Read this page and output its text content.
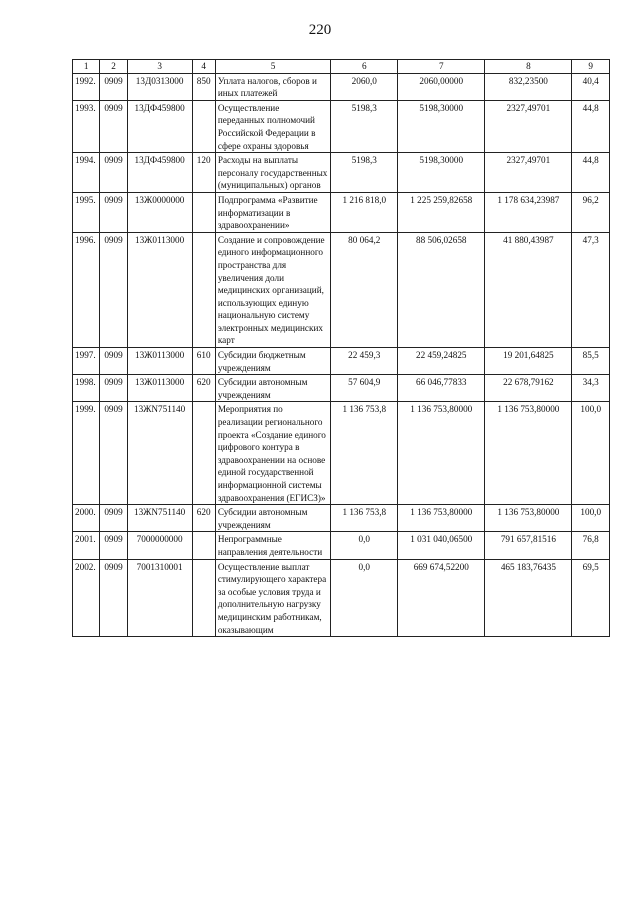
220
1	2	3	4	5	6	7	8	9
1992.	0909	13Д0313000	850	Уплата налогов, сборов и иных платежей	2060,0	2060,00000	832,23500	40,4
1993.	0909	13ДФ459800		Осуществление переданных полномочий Российской Федерации в сфере охраны здоровья	5198,3	5198,30000	2327,49701	44,8
1994.	0909	13ДФ459800	120	Расходы на выплаты персоналу государственных (муниципальных) органов	5198,3	5198,30000	2327,49701	44,8
1995.	0909	13Ж0000000		Подпрограмма «Развитие информатизации в здравоохранении»	1 216 818,0	1 225 259,82658	1 178 634,23987	96,2
1996.	0909	13Ж0113000		Создание и сопровождение единого информационного пространства для увеличения доли медицинских организаций, использующих единую национальную систему электронных медицинских карт	80 064,2	88 506,02658	41 880,43987	47,3
1997.	0909	13Ж0113000	610	Субсидии бюджетным учреждениям	22 459,3	22 459,24825	19 201,64825	85,5
1998.	0909	13Ж0113000	620	Субсидии автономным учреждениям	57 604,9	66 046,77833	22 678,79162	34,3
1999.	0909	13ЖN751140		Мероприятия по реализации регионального проекта «Создание единого цифрового контура в здравоохранении на основе единой государственной информационной системы здравоохранения (ЕГИСЗ)»	1 136 753,8	1 136 753,80000	1 136 753,80000	100,0
2000.	0909	13ЖN751140	620	Субсидии автономным учреждениям	1 136 753,8	1 136 753,80000	1 136 753,80000	100,0
2001.	0909	7000000000		Непрограммные направления деятельности	0,0	1 031 040,06500	791 657,81516	76,8
2002.	0909	7001310001		Осуществление выплат стимулирующего характера за особые условия труда и дополнительную нагрузку медицинским работникам, оказывающим	0,0	669 674,52200	465 183,76435	69,5
